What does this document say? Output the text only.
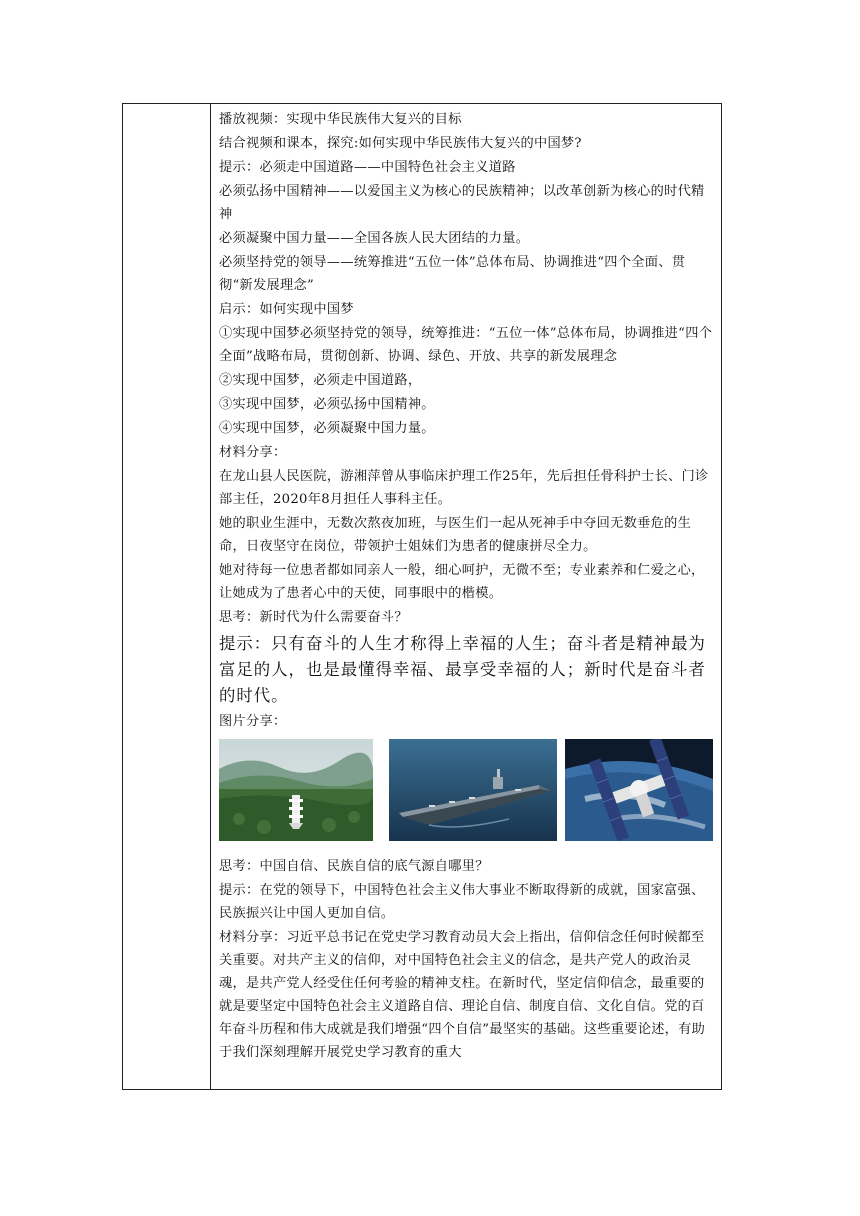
播放视频：实现中华民族伟大复兴的目标

结合视频和课本，探究:如何实现中华民族伟大复兴的中国梦?

提示：必须走中国道路——中国特色社会主义道路

必须弘扬中国精神——以爱国主义为核心的民族精神；以改革创新为核心的时代精神

必须凝聚中国力量——全国各族人民大团结的力量。

必须坚持党的领导——统筹推进“五位一体”总体布局、协调推进“四个全面、贯彻“新发展理念”

启示：如何实现中国梦

①实现中国梦必须坚持党的领导，统筹推进：“五位一体”总体布局，协调推进“四个全面”战略布局，贯彻创新、协调、绿色、开放、共享的新发展理念

②实现中国梦，必须走中国道路，

③实现中国梦，必须弘扬中国精神。

④实现中国梦，必须凝聚中国力量。

材料分享：

在龙山县人民医院，游湘萍曾从事临床护理工作25年，先后担任骨科护士长、门诊部主任，2020年8月担任人事科主任。

她的职业生涯中，无数次熬夜加班，与医生们一起从死神手中夺回无数垂危的生命，日夜坚守在岗位，带领护士姐妹们为患者的健康拼尽全力。

她对待每一位患者都如同亲人一般，细心呵护，无微不至；专业素养和仁爱之心，让她成为了患者心中的天使，同事眼中的楷模。

思考：新时代为什么需要奋斗？

提示：只有奋斗的人生才称得上幸福的人生；奋斗者是精神最为富足的人，也是最懂得幸福、最享受幸福的人；新时代是奋斗者的时代。

图片分享：

思考：中国自信、民族自信的底气源自哪里？

提示：在党的领导下，中国特色社会主义伟大事业不断取得新的成就，国家富强、民族振兴让中国人更加自信。

材料分享：习近平总书记在党史学习教育动员大会上指出，信仰信念任何时候都至关重要。对共产主义的信仰，对中国特色社会主义的信念，是共产党人的政治灵魂，是共产党人经受住任何考验的精神支柱。在新时代，坚定信仰信念，最重要的就是要坚定中国特色社会主义道路自信、理论自信、制度自信、文化自信。党的百年奋斗历程和伟大成就是我们增强“四个自信”最坚实的基础。这些重要论述，有助于我们深刻理解开展党史学习教育的重大
